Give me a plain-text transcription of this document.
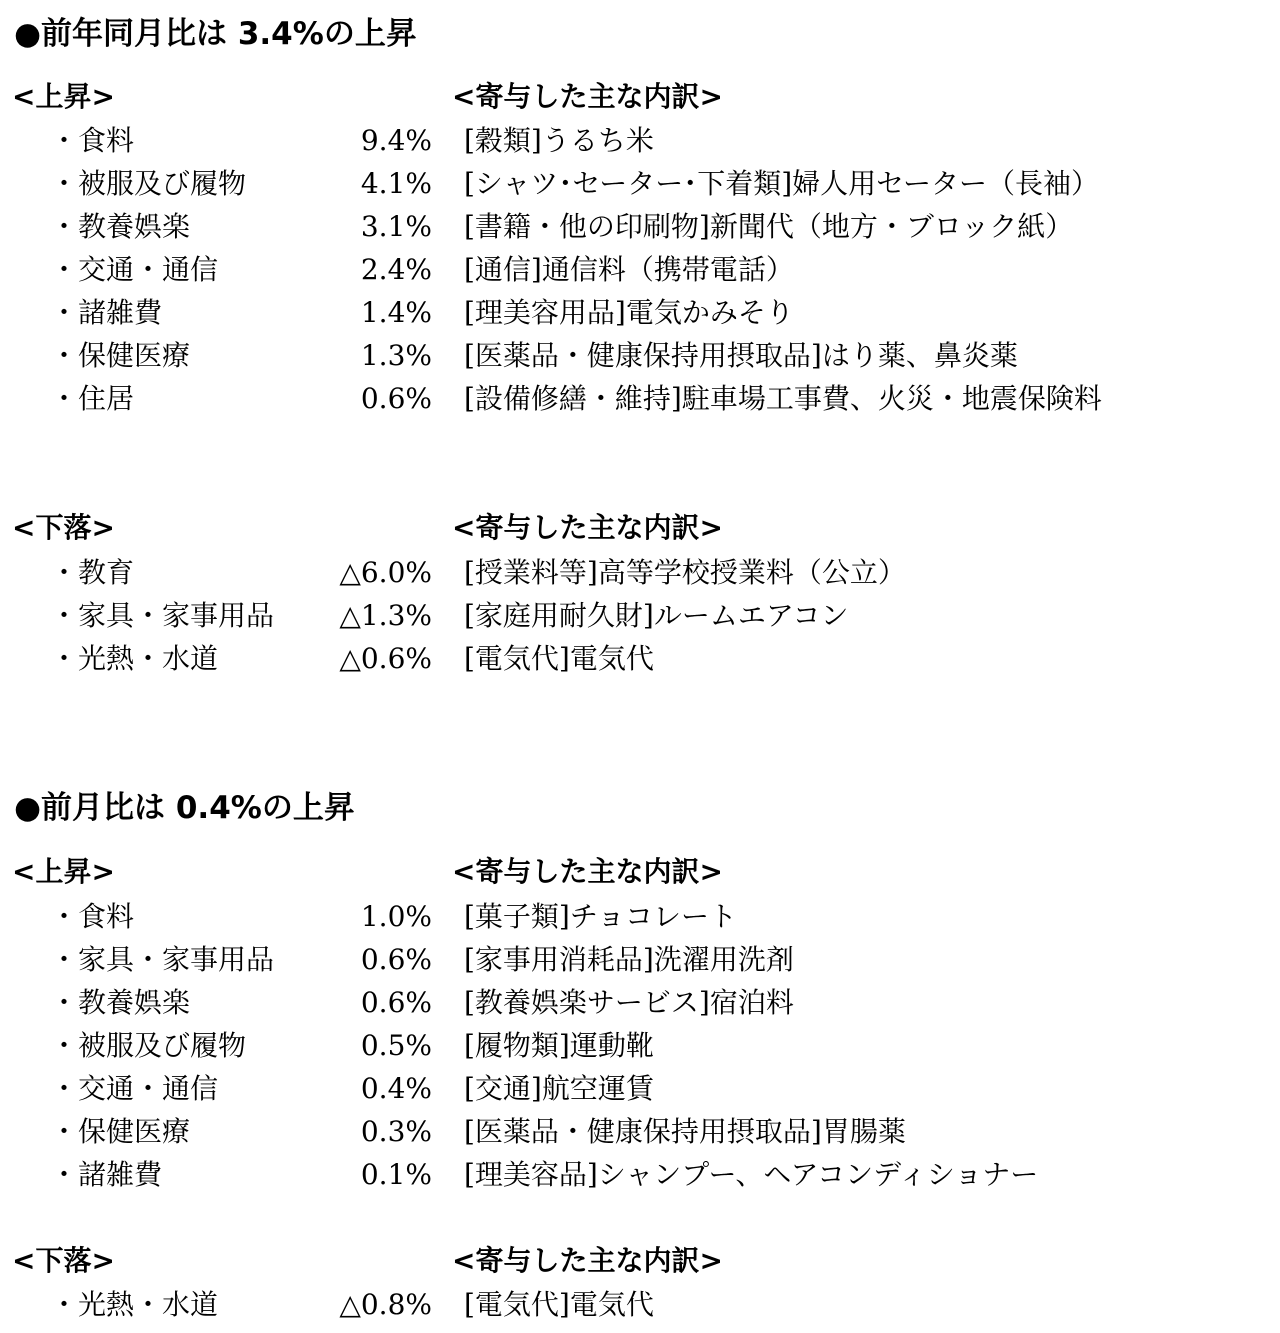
●前年同月比は 3.4%の上昇
<上昇>	<寄与した主な内訳>
・食料	9.4% [穀類]うるち米
・被服及び履物	4.1% [シャツ･セーター･下着類]婦人用セーター（長袖）
・教養娯楽	3.1% [書籍・他の印刷物]新聞代（地方・ブロック紙）
・交通・通信	2.4% [通信]通信料（携帯電話）
・諸雑費	1.4% [理美容用品]電気かみそり
・保健医療	1.3% [医薬品・健康保持用摂取品]はり薬、鼻炎薬
・住居	0.6% [設備修繕・維持]駐車場工事費、火災・地震保険料
<下落>	<寄与した主な内訳>
・教育	△6.0% [授業料等]高等学校授業料（公立）
・家具・家事用品 △1.3% [家庭用耐久財]ルームエアコン
・光熱・水道	△0.6% [電気代]電気代
●前月比は 0.4%の上昇
<上昇>	<寄与した主な内訳>
・食料	1.0% [菓子類]チョコレート
・家具・家事用品	0.6% [家事用消耗品]洗濯用洗剤
・教養娯楽	0.6% [教養娯楽サービス]宿泊料
・被服及び履物	0.5% [履物類]運動靴
・交通・通信	0.4% [交通]航空運賃
・保健医療	0.3% [医薬品・健康保持用摂取品]胃腸薬
・諸雑費	0.1% [理美容品]シャンプー、ヘアコンディショナー
<下落>	<寄与した主な内訳>
・光熱・水道	△0.8% [電気代]電気代
